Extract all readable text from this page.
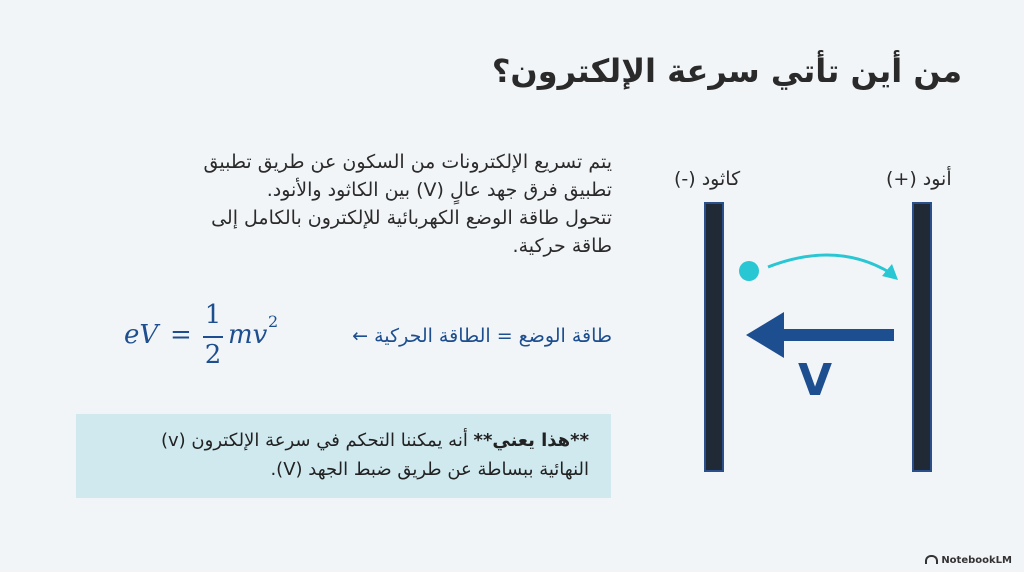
من أين تأتي سرعة الإلكترون؟

يتم تسريع الإلكترونات من السكون عن طريق تطبيق

تطبيق فرق جهد عالٍ (V) بين الكاثود والأنود.

تتحول طاقة الوضع الكهربائية للإلكترون بالكامل إلى

طاقة حركية.

طاقة الوضع = الطاقة الحركية ←
eV =
1
2
mv 2

**هذا يعني** أنه يمكننا التحكم في سرعة الإلكترون (v)

النهائية ببساطة عن طريق ضبط الجهد (V).

كاثود (-)	أنود (+)
V
NotebookLM
